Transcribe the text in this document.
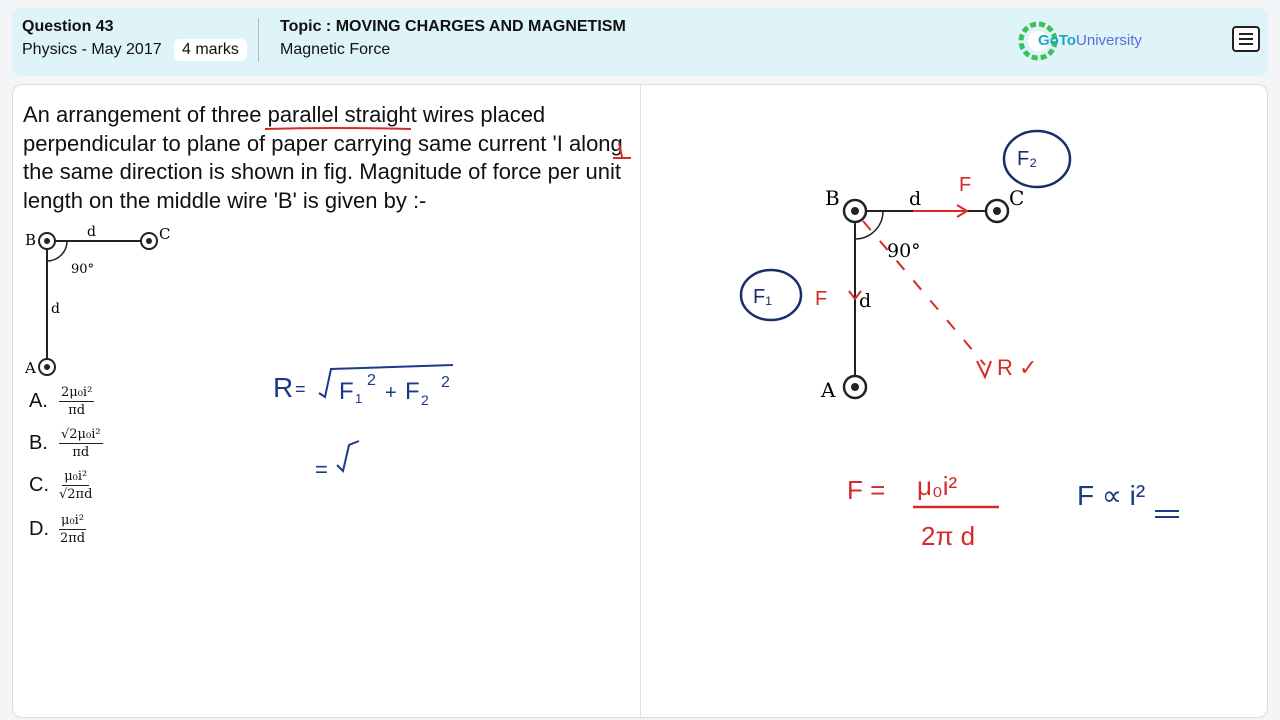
Question 43
Physics - May 2017	4 marks
Topic : MOVING CHARGES AND MAGNETISM
Magnetic Force
GoToUniversity
An arrangement of three parallel straight wires placed perpendicular to plane of paper carrying same current 'I along the same direction is shown in fig. Magnitude of force per unit length on the middle wire 'B' is given by :-
B	C
A
d
d
90°
A. $\frac{\text{2μ₀i²}}{\pi d}$
B. $\frac{\text{√2μ₀i²}}{\pi d}$
C. $\frac{\text{μ₀i²}}{√2\pi d}$
D. $\frac{\text{μ₀i²}}{2\pi d}$
R = F 1
2
+ F 2
2
=
B	C
A
d
d
90°
F
F
R ✓
F₂
F₁
F = μ₀i²
2π d
F ∝ i²
